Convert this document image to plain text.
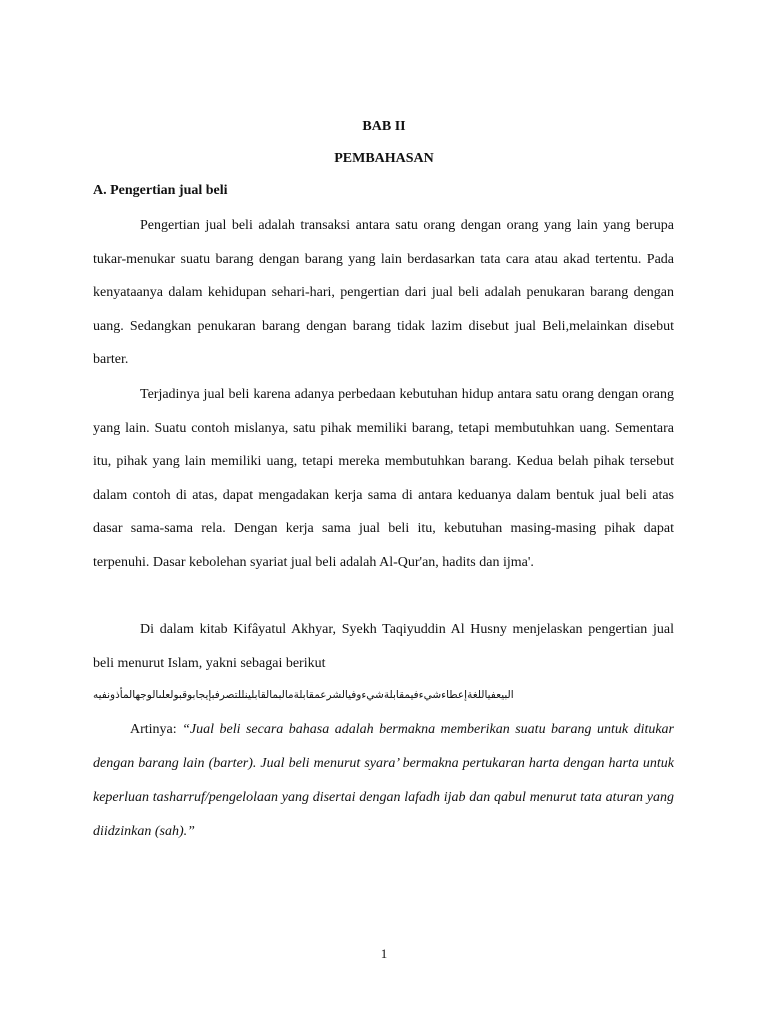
BAB II
PEMBAHASAN
A. Pengertian jual beli

Pengertian jual beli adalah transaksi antara satu orang dengan orang yang lain yang berupa tukar-menukar suatu barang dengan barang yang lain berdasarkan tata cara atau akad tertentu. Pada kenyataanya dalam kehidupan sehari-hari, pengertian dari jual beli adalah penukaran barang dengan uang. Sedangkan penukaran barang dengan barang tidak lazim disebut jual Beli,melainkan disebut barter.

Terjadinya jual beli karena adanya perbedaan kebutuhan hidup antara satu orang dengan orang yang lain. Suatu contoh mislanya, satu pihak memiliki barang, tetapi membutuhkan uang. Sementara itu, pihak yang lain memiliki uang, tetapi mereka membutuhkan barang. Kedua belah pihak tersebut dalam contoh di atas, dapat mengadakan kerja sama di antara keduanya dalam bentuk jual beli atas dasar sama-sama rela. Dengan kerja sama jual beli itu, kebutuhan masing-masing pihak dapat terpenuhi. Dasar kebolehan syariat jual beli adalah Al-Qur'an, hadits dan ijma'.

Di dalam kitab Kifâyatul Akhyar, Syekh Taqiyuddin Al Husny menjelaskan pengertian jual beli menurut Islam, yakni sebagai berikut

البيعفياللغةإعطاءشيءفيمقابلةشيءوفيالشرعمقابلةمالبمالقابلينللتصرفبإيجابوقبولعلىالوجهالمأذونفيه

Artinya: “Jual beli secara bahasa adalah bermakna memberikan suatu barang untuk ditukar dengan barang lain (barter). Jual beli menurut syara’ bermakna pertukaran harta dengan harta untuk keperluan tasharruf/pengelolaan yang disertai dengan lafadh ijab dan qabul menurut tata aturan yang diidzinkan (sah).”

1
